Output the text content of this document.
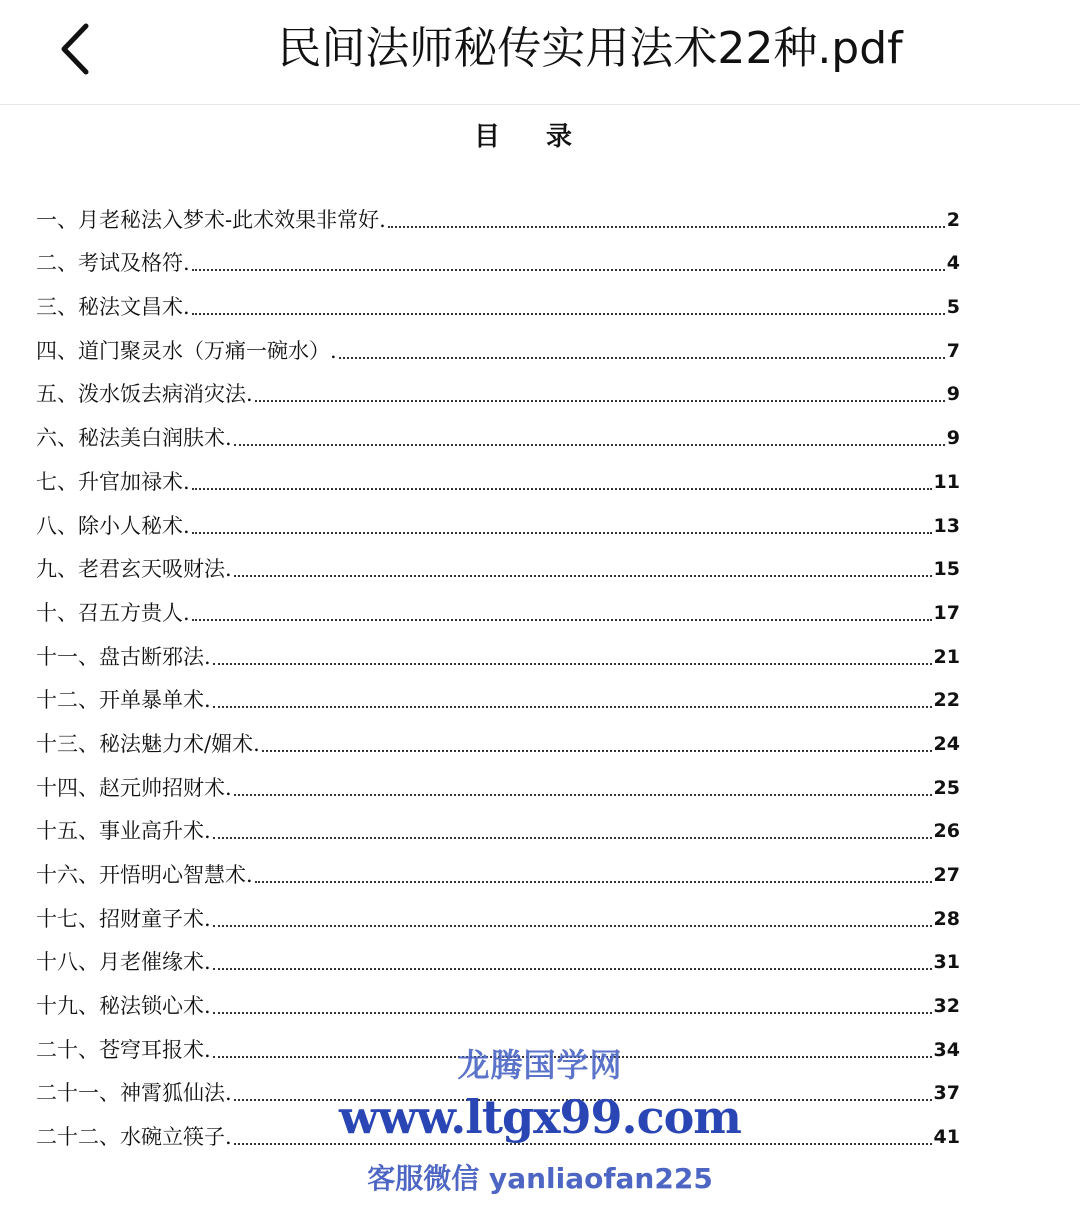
民间法师秘传实用法术22种.pdf
目录
一、月老秘法入梦术-此术效果非常好.	2
二、考试及格符.	4
三、秘法文昌术.	5
四、道门聚灵水（万痛一碗水）.	7
五、泼水饭去病消灾法.	9
六、秘法美白润肤术.	9
七、升官加禄术.	11
八、除小人秘术.	13
九、老君玄天吸财法.	15
十、召五方贵人.	17
十一、盘古断邪法.	21
十二、开单暴单术.	22
十三、秘法魅力术/媚术.	24
十四、赵元帅招财术.	25
十五、事业高升术.	26
十六、开悟明心智慧术.	27
十七、招财童子术.	28
十八、月老催缘术.	31
十九、秘法锁心术.	32
二十、苍穹耳报术.	34
二十一、神霄狐仙法.	37
二十二、水碗立筷子.	41
龙腾国学网
www.ltgx99.com
客服微信 yanliaofan225
